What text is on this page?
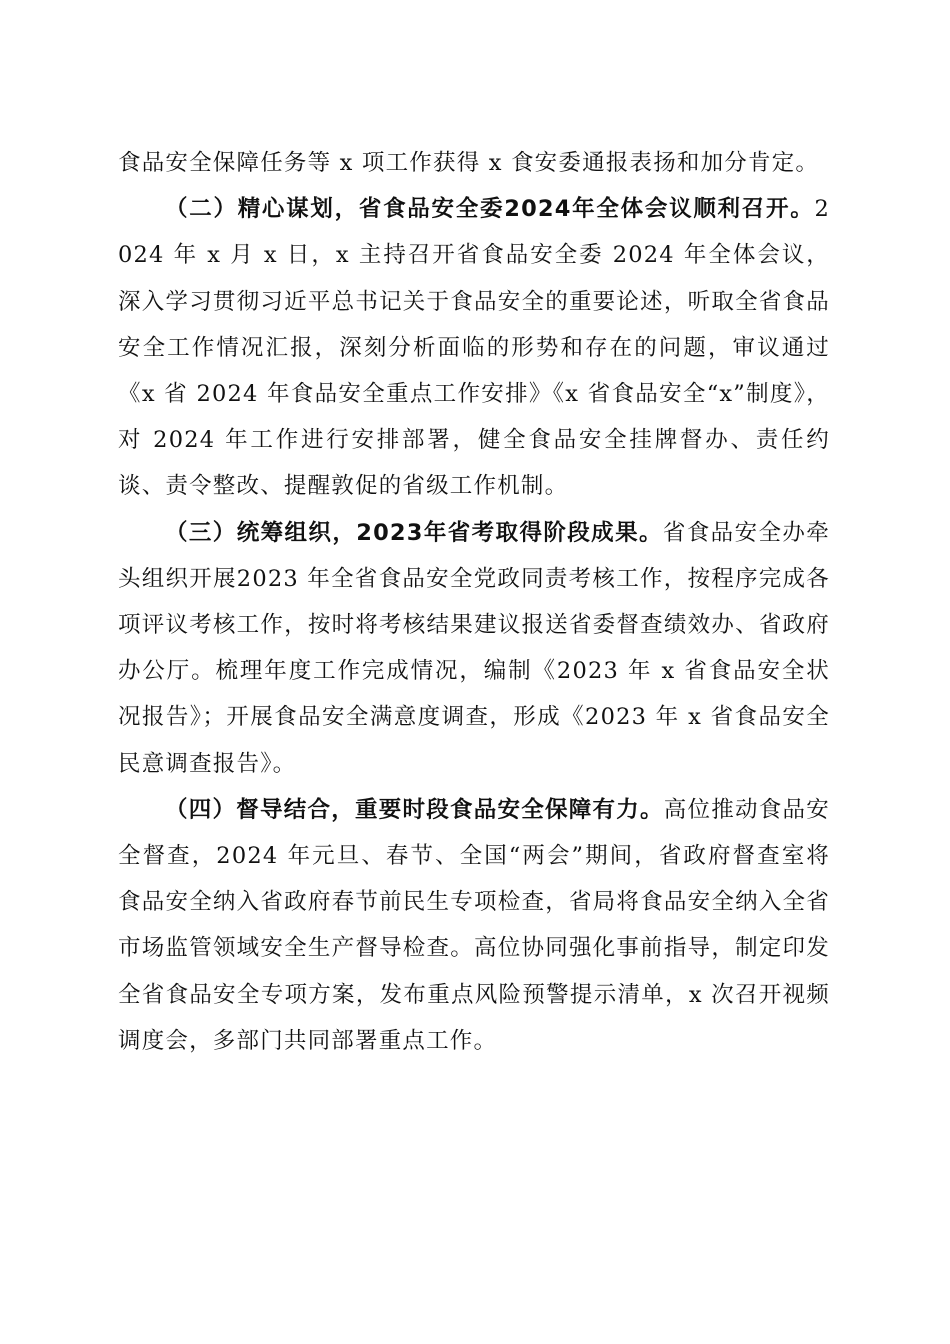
食品安全保障任务等 x 项工作获得 x 食安委通报表扬和加分肯定。

（二）精心谋划，省食品安全委2024年全体会议顺利召开。2024 年 x 月 x 日，x 主持召开省食品安全委 2024 年全体会议，深入学习贯彻习近平总书记关于食品安全的重要论述，听取全省食品安全工作情况汇报，深刻分析面临的形势和存在的问题，审议通过《x 省 2024 年食品安全重点工作安排》《x 省食品安全“x”制度》，对 2024 年工作进行安排部署，健全食品安全挂牌督办、责任约谈、责令整改、提醒敦促的省级工作机制。

（三）统筹组织，2023年省考取得阶段成果。省食品安全办牵头组织开展2023 年全省食品安全党政同责考核工作，按程序完成各项评议考核工作，按时将考核结果建议报送省委督查绩效办、省政府办公厅。梳理年度工作完成情况，编制《2023 年 x 省食品安全状况报告》；开展食品安全满意度调查，形成《2023 年 x 省食品安全民意调查报告》。

（四）督导结合，重要时段食品安全保障有力。高位推动食品安全督查，2024 年元旦、春节、全国“两会”期间，省政府督查室将食品安全纳入省政府春节前民生专项检查，省局将食品安全纳入全省市场监管领域安全生产督导检查。高位协同强化事前指导，制定印发全省食品安全专项方案，发布重点风险预警提示清单，x 次召开视频调度会，多部门共同部署重点工作。
